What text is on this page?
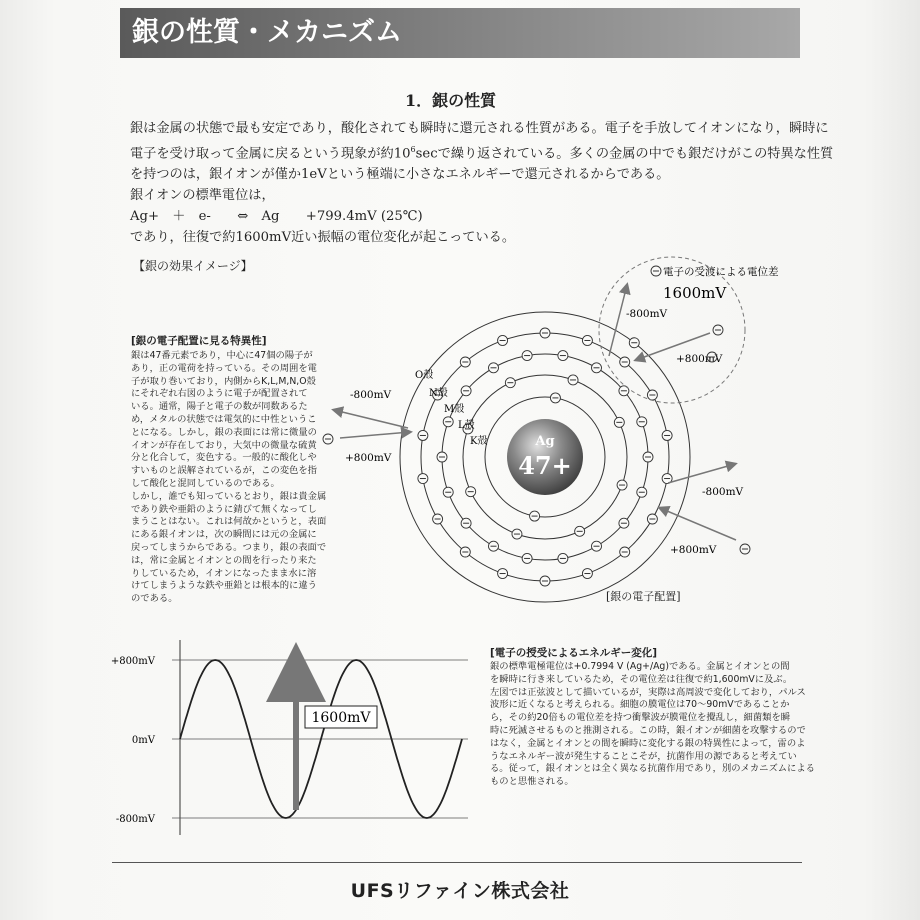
銀の性質・メカニズム
1．銀の性質

銀は金属の状態で最も安定であり，酸化されても瞬時に還元される性質がある。電子を手放してイオンになり，瞬時に

電子を受け取って金属に戻るという現象が約$10^6\sec$で繰り返されている。多くの金属の中でも銀だけがこの特異な性質

を持つのは，銀イオンが僅か1eVという極端に小さなエネルギーで還元されるからである。

銀イオンの標準電位は，

Ag+　＋　e-　　⇔　Ag　　+799.4mV (25℃)

であり，往復で約1600mV近い振幅の電位変化が起こっている。

【銀の効果イメージ】
[銀の電子配置に見る特異性]

銀は47番元素であり，中心に47個の陽子が

あり，正の電荷を持っている。その周囲を電

子が取り巻いており，内側からK,L,M,N,O殻

にそれぞれ右図のように電子が配置されて

いる。通常，陽子と電子の数が同数あるた

め，メタルの状態では電気的に中性というこ

とになる。しかし，銀の表面には常に微量の

イオンが存在しており，大気中の微量な硫黄

分と化合して，変色する。一般的に酸化しや

すいものと誤解されているが，この変色を指

して酸化と混同しているのである。

しかし，誰でも知っているとおり，銀は貴金属

であり鉄や亜鉛のように錆びて無くなってし

まうことはない。これは何故かというと，表面

にある銀イオンは，次の瞬間には元の金属に

戻ってしまうからである。つまり，銀の表面で

は，常に金属とイオンとの間を行ったり来た

りしているため，イオンになったまま水に溶

けてしまうような鉄や亜鉛とは根本的に違う

のである。

Ag
47+
O殻
N殻
M殻
L殻
K殻
電子の受渡による電位差
1600mV
-800mV
+800mV
-800mV
+800mV
-800mV
+800mV
[銀の電子配置]
+800mV
0mV
-800mV
1600mV
[電子の授受によるエネルギー変化]

銀の標準電極電位は+0.7994 V (Ag+/Ag)である。金属とイオンとの間

を瞬時に行き来しているため，その電位差は往復で約1,600mVに及ぶ。

左図では正弦波として描いているが，実際は高周波で変化しており，パルス

波形に近くなると考えられる。細胞の膜電位は70～90mVであることか

ら，その約20倍もの電位差を持つ衝撃波が膜電位を攪乱し，細菌類を瞬

時に死滅させるものと推測される。この時，銀イオンが細菌を攻撃するので

はなく，金属とイオンとの間を瞬時に変化する銀の特異性によって，雷のよ

うなエネルギー波が発生することこそが，抗菌作用の源であると考えてい

る。従って，銀イオンとは全く異なる抗菌作用であり，別のメカニズムによる

ものと思惟される。

UFSリファイン株式会社
